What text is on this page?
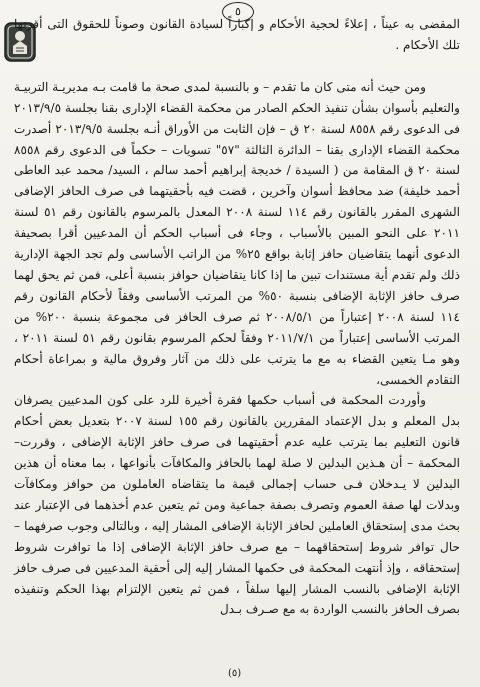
٥

المقضى به عيناً ، إعلاءً لحجية الأحكام و إكباراً لسيادة القانون وصوناً للحقوق التى أقرتها تلك الأحكام .

ومن حيث أنه متى كان ما تقدم – و بالنسبة لمدى صحة ما قامت بـه مديريـة التربيـة والتعليم بأسوان بشأن تنفيذ الحكم الصادر من محكمة القضاء الإدارى بقنا بجلسة ٢٠١٣/٩/٥ فى الدعوى رقم ٨٥٥٨ لسنة ٢٠ ق – فإن الثابت من الأوراق أنـه بجلسة ٢٠١٣/٩/٥ أصدرت محكمة القضاء الإدارى بقنا – الدائرة الثالثة "٥٧" تسويات – حكماً فى الدعوى رقم ٨٥٥٨ لسنة ٢٠ ق المقامة من ( السيدة / خديجة إبراهيم أحمد سالم ، السيد/ محمد عبد العاطى أحمد خليفة) ضد محافظ أسوان وآخرين ، قضت فيه بأحقيتهما فى صرف الحافز الإضافى الشهرى المقرر بالقانون رقم ١١٤ لسنة ٢٠٠٨ المعدل بالمرسوم بالقانون رقم ٥١ لسنة ٢٠١١ على النحو المبين بالأسباب ، وجاء فى أسباب الحكم أن المدعيين أقرا بصحيفة الدعوى أنهما يتقاضيان حافز إثابة بواقع ٢٥% من الراتب الأساسى ولم تجد الجهة الإدارية ذلك ولم تقدم أية مستندات تبين ما إذا كانا يتقاضيان حوافز بنسبة أعلى، فمن ثم يحق لهما صرف حافز الإثابة الإضافى بنسبة ٥٠% من المرتب الأساسى وفقاً لأحكام القانون رقم ١١٤ لسنة ٢٠٠٨ إعتباراً من ٢٠٠٨/٥/١ ثم صرف الحافز فى مجموعة بنسبة ٢٠٠% من المرتب الأساسى إعتباراً من ٢٠١١/٧/١ وفقاً لحكم المرسوم بقانون رقم ٥١ لسنة ٢٠١١ ، وهو مـا يتعين القضاء به مع ما يترتب على ذلك من آثار وفروق مالية و بمراعاة أحكام التقادم الخمسى،

وأوردت المحكمة فى أسباب حكمها فقرة أخيرة للرد على كون المدعيين يصرفان بدل المعلم و بدل الإعتماد المقررين بالقانون رقم ١٥٥ لسنة ٢٠٠٧ بتعديل بعض أحكام قانون التعليم بما يترتب عليه عدم أحقيتهما فى صرف حافز الإثابة الإضافى ، وقررت– المحكمة – أن هـذين البدلين لا صلة لهما بالحافز والمكافآت بأنواعها ، بما معناه أن هذين البدلين لا يـدخلان فـى حساب إجمالى قيمة ما يتقاضاه العاملون من حوافز ومكافآت وبدلات لها صفة العموم وتصرف بصفة جماعية ومن ثم يتعين عدم أخذهما فى الإعتبار عند بحث مدى إستحقاق العاملين لحافز الإثابة الإضافى المشار إليه ، وبالتالى وجوب صرفهما – حال توافر شروط إستحقاقهما – مع صرف حافز الإثابة الإضافى إذا ما توافرت شروط إستحقاقه ، وإذ أنتهت المحكمة فى حكمها المشار إليه إلى أحقية المدعيين فى صرف حافز الإثابة الإضافى بالنسب المشار إليها سلفاً ، فمن ثم يتعين الإلتزام بهذا الحكم وتنفيذه بصرف الحافز بالنسب الواردة به مع صـرف بـدل

(٥)
